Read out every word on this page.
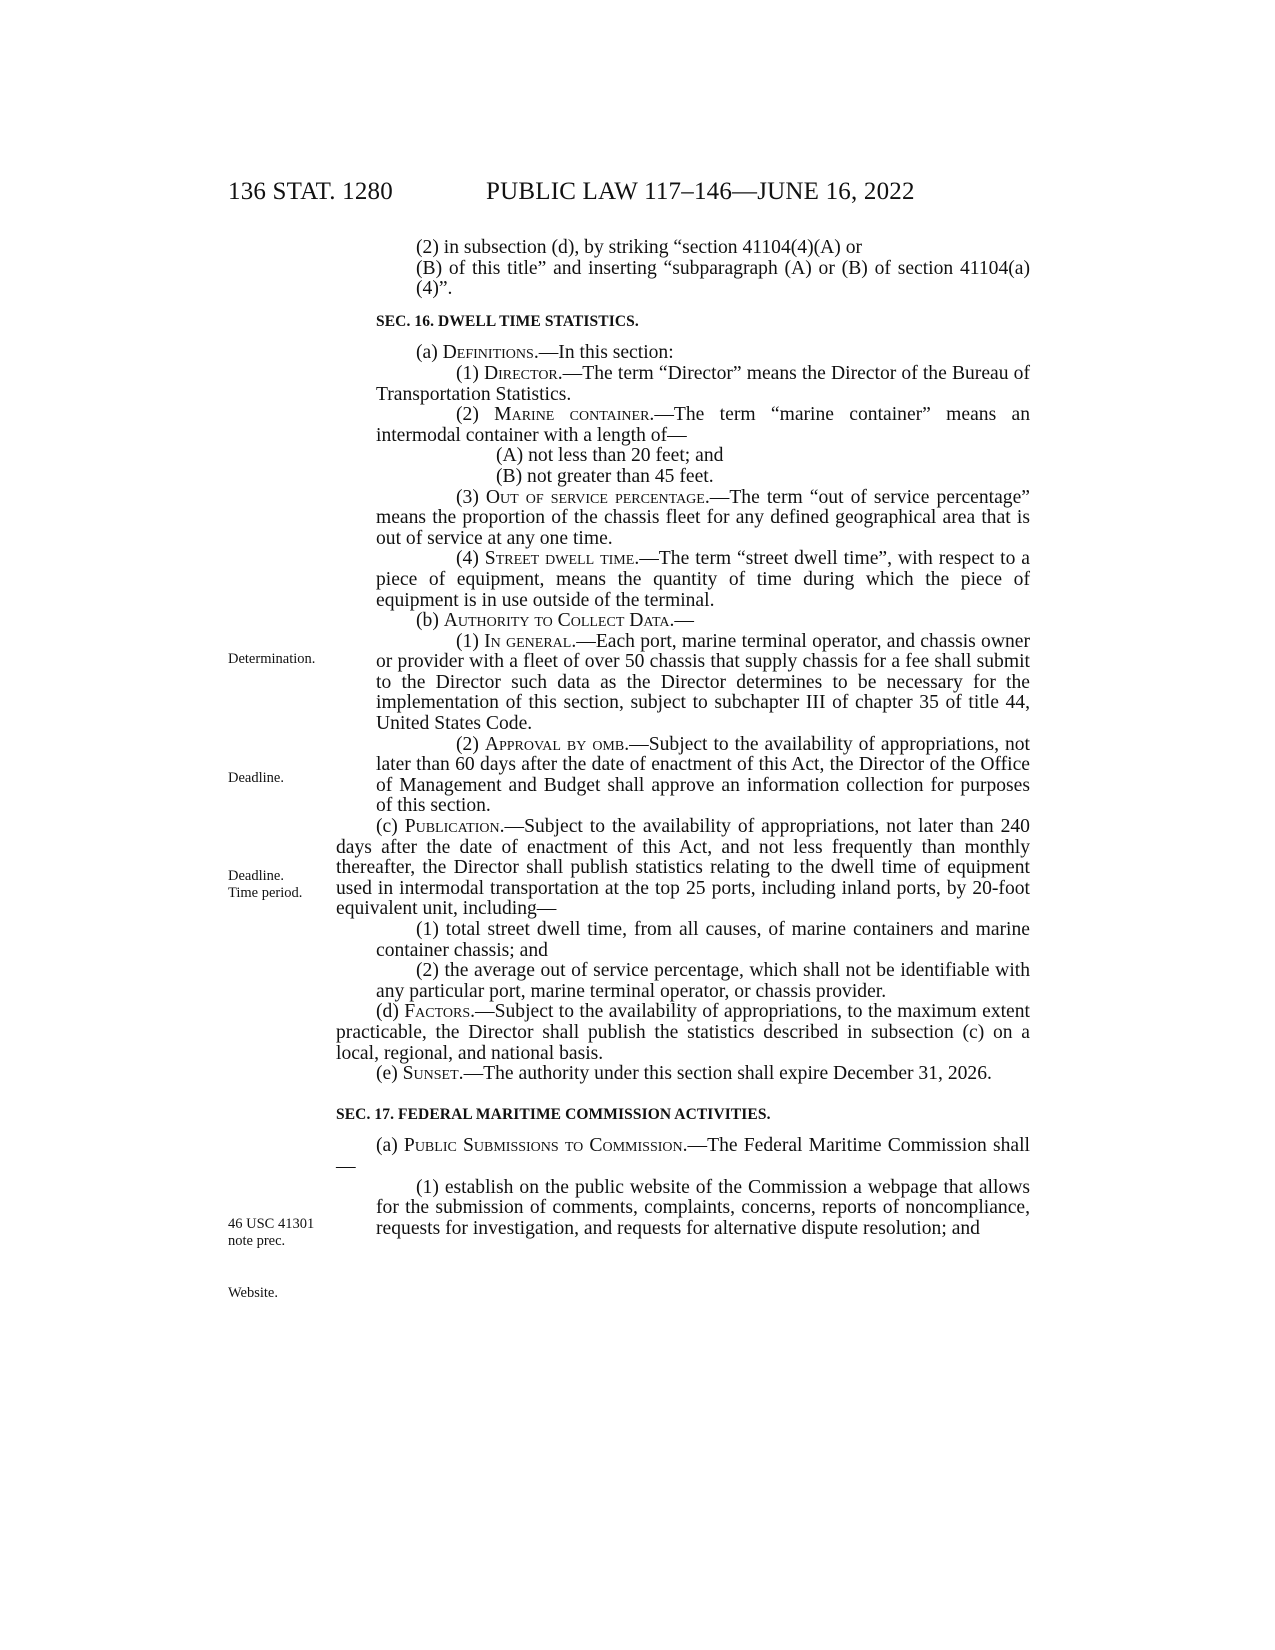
136 STAT. 1280	PUBLIC LAW 117–146—JUNE 16, 2022
Determination.
Deadline.
Deadline.
Time period.
46 USC 41301
note prec.
Website.

(2) in subsection (d), by striking “section 41104(4)(A) or

(B) of this title” and inserting “subparagraph (A) or (B) of section 41104(a)(4)”.

SEC. 16. DWELL TIME STATISTICS.

(a) Definitions.—In this section:

(1) Director.—The term “Director” means the Director of the Bureau of Transportation Statistics.

(2) Marine container.—The term “marine container” means an intermodal container with a length of—

(A) not less than 20 feet; and

(B) not greater than 45 feet.

(3) Out of service percentage.—The term “out of service percentage” means the proportion of the chassis fleet for any defined geographical area that is out of service at any one time.

(4) Street dwell time.—The term “street dwell time”, with respect to a piece of equipment, means the quantity of time during which the piece of equipment is in use outside of the terminal.

(b) Authority to Collect Data.—

(1) In general.—Each port, marine terminal operator, and chassis owner or provider with a fleet of over 50 chassis that supply chassis for a fee shall submit to the Director such data as the Director determines to be necessary for the implementation of this section, subject to subchapter III of chapter 35 of title 44, United States Code.

(2) Approval by omb.—Subject to the availability of appropriations, not later than 60 days after the date of enactment of this Act, the Director of the Office of Management and Budget shall approve an information collection for purposes of this section.

(c) Publication.—Subject to the availability of appropriations, not later than 240 days after the date of enactment of this Act, and not less frequently than monthly thereafter, the Director shall publish statistics relating to the dwell time of equipment used in intermodal transportation at the top 25 ports, including inland ports, by 20-foot equivalent unit, including—

(1) total street dwell time, from all causes, of marine containers and marine container chassis; and

(2) the average out of service percentage, which shall not be identifiable with any particular port, marine terminal operator, or chassis provider.

(d) Factors.—Subject to the availability of appropriations, to the maximum extent practicable, the Director shall publish the statistics described in subsection (c) on a local, regional, and national basis.

(e) Sunset.—The authority under this section shall expire December 31, 2026.

SEC. 17. FEDERAL MARITIME COMMISSION ACTIVITIES.

(a) Public Submissions to Commission.—The Federal Maritime Commission shall—

(1) establish on the public website of the Commission a webpage that allows for the submission of comments, complaints, concerns, reports of noncompliance, requests for investigation, and requests for alternative dispute resolution; and
